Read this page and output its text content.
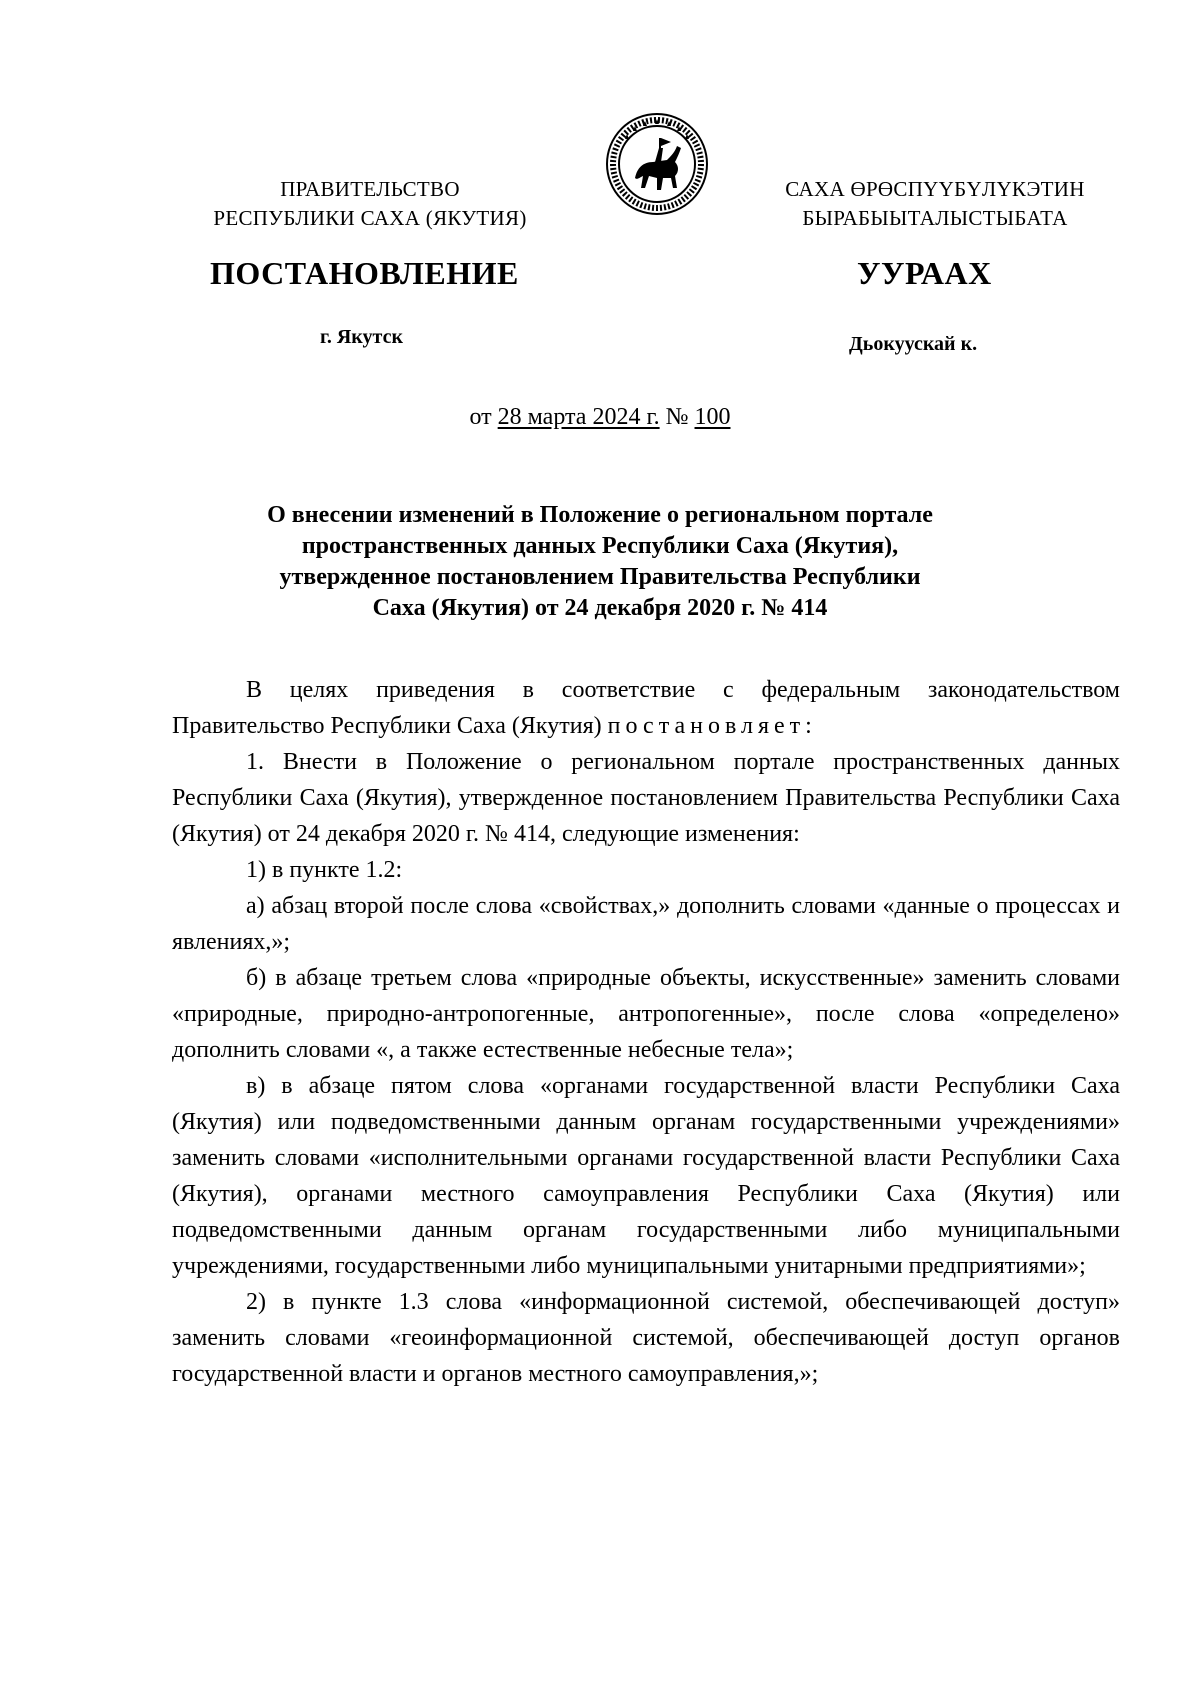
ПРАВИТЕЛЬСТВО
РЕСПУБЛИКИ САХА (ЯКУТИЯ)
САХА ӨРӨСПҮҮБҮЛҮКЭТИН
БЫРАБЫЫТАЛЫСТЫБАТА
ПОСТАНОВЛЕНИЕ	УУРААХ
г. Якутск	Дьокуускай к.
от 28 марта 2024 г. № 100
О внесении изменений в Положение о региональном портале
пространственных данных Республики Саха (Якутия),
утвержденное постановлением Правительства Республики
Саха (Якутия) от 24 декабря 2020 г. № 414

В целях приведения в соответствие с федеральным законодательством Правительство Республики Саха (Якутия) постановляет:

1. Внести в Положение о региональном портале пространственных данных Республики Саха (Якутия), утвержденное постановлением Правительства Республики Саха (Якутия) от 24 декабря 2020 г. № 414, следующие изменения:

1) в пункте 1.2:

а) абзац второй после слова «свойствах,» дополнить словами «данные о процессах и явлениях,»;

б) в абзаце третьем слова «природные объекты, искусственные» заменить словами «природные, природно-антропогенные, антропогенные», после слова «определено» дополнить словами «, а также естественные небесные тела»;

в) в абзаце пятом слова «органами государственной власти Республики Саха (Якутия) или подведомственными данным органам государственными учреждениями» заменить словами «исполнительными органами государственной власти Республики Саха (Якутия), органами местного самоуправления Республики Саха (Якутия) или подведомственными данным органам государственными либо муниципальными учреждениями, государственными либо муниципальными унитарными предприятиями»;

2) в пункте 1.3 слова «информационной системой, обеспечивающей доступ» заменить словами «геоинформационной системой, обеспечивающей доступ органов государственной власти и органов местного самоуправления,»;
